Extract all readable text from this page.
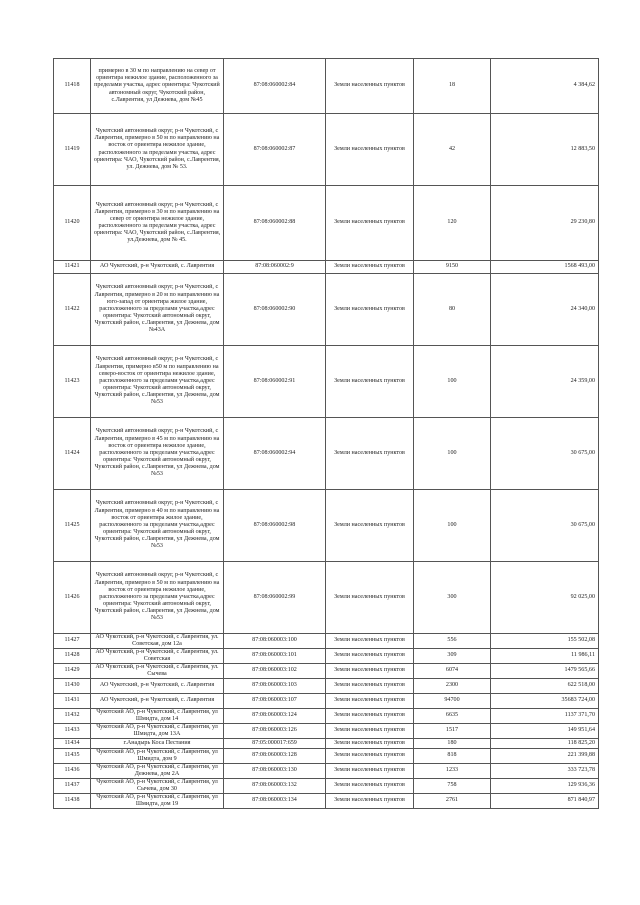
11418	примерно в 30 м по направлению на север от ориентира нежилое здание, расположенного за пределами участка, адрес ориентира: Чукотский автономный округ, Чукотский район, с.Лаврентия, ул Дежнева, дом №45	87:08:060002:84	Земли населенных пунктов	18	4 384,62

11419	Чукотский автономный округ, р-н Чукотский, с Лаврентия, примерно в 50 м по направлению на восток от ориентира нежилое здание, расположенного за пределами участка, адрес ориентира: ЧАО, Чукотский район, с.Лаврентия, ул. Дежнева, дом № 53.	87:08:060002:87	Земли населенных пунктов	42	12 883,50

11420	Чукотский автономный округ, р-н Чукотский, с Лаврентия, примерно в 30 м по направлению на север от ориентира нежилое здание, расположенного за пределами участка, адрес ориентира: ЧАО, Чукотский район, с.Лаврентия, ул.Дежнева, дом № 45.	87:08:060002:88	Земли населенных пунктов	120	29 230,80

11421	АО Чукотский, р-н Чукотский, с. Лаврентия	87:08:060002:9	Земли населенных пунктов	9150	1568 493,00

11422	Чукотский автономный округ, р-н Чукотский, с Лаврентия, примерно в 20 м по направлению на юго-запад от ориентира жилое здание, расположенного за пределами участка,адрес ориентира: Чукотский автономный округ, Чукотский район, с.Лаврентия, ул Дежнева, дом №43А	87:08:060002:90	Земли населенных пунктов	80	24 340,00

11423	Чукотский автономный округ, р-н Чукотский, с Лаврентия, примерно в50 м по направлению на северо-восток от ориентира нежилое здание, расположенного за пределами участка,адрес ориентира: Чукотский автономный округ, Чукотский район, с.Лаврентия, ул Дежнева, дом №53	87:08:060002:91	Земли населенных пунктов	100	24 359,00

11424	Чукотский автономный округ, р-н Чукотский, с Лаврентия, примерно в 45 м по направлению на восток от ориентира нежилое здание, расположенного за пределами участка,адрес ориентира: Чукотский автономный округ, Чукотский район, с.Лаврентия, ул Дежнева, дом №53	87:08:060002:94	Земли населенных пунктов	100	30 675,00

11425	Чукотский автономный округ, р-н Чукотский, с Лаврентия, примерно в 40 м по направлению на восток от ориентира жилое здание, расположенного за пределами участка,адрес ориентира: Чукотский автономный округ, Чукотский район, с.Лаврентия, ул Дежнева, дом №53	87:08:060002:98	Земли населенных пунктов	100	30 675,00

11426	Чукотский автономный округ, р-н Чукотский, с Лаврентия, примерно в 50 м по направлению на восток от ориентира нежилое здание, расположенного за пределами участка,адрес ориентира: Чукотский автономный округ, Чукотский район, с.Лаврентия, ул Дежнева, дом №53	87:08:060002:99	Земли населенных пунктов	300	92 025,00

11427	АО Чукотский, р-н Чукотский, с Лаврентия, ул. Советская, дом 12а	87:08:060003:100	Земли населенных пунктов	556	155 502,08

11428	АО Чукотский, р-н Чукотский, с Лаврентия, ул. Советская	87:08:060003:101	Земли населенных пунктов	309	11 986,11

11429	АО Чукотский, р-н Чукотский, с Лаврентия, ул. Сычева	87:08:060003:102	Земли населенных пунктов	6074	1479 565,66

11430	АО Чукотский, р-н Чукотский, с. Лаврентия	87:08:060003:103	Земли населенных пунктов	2300	622 518,00

11431	АО Чукотский, р-н Чукотский, с. Лаврентия	87:08:060003:107	Земли населенных пунктов	94700	35683 724,00

11432	Чукотский АО, р-н Чукотский, с Лаврентия, ул Шмидта, дом 14	87:08:060003:124	Земли населенных пунктов	6635	1137 371,70

11433	Чукотский АО, р-н Чукотский, с Лаврентия, ул Шмидта, дом 13А	87:08:060003:126	Земли населенных пунктов	1517	149 951,64

11434	г.Анадырь Коса Пестания	87:05:000017:659	Земли населенных пунктов	180	118 825,20

11435	Чукотский АО, р-н Чукотский, с Лаврентия, ул Шмидта, дом 9	87:08:060003:128	Земли населенных пунктов	818	221 399,88

11436	Чукотский АО, р-н Чукотский, с Лаврентия, ул Дежнева, дом 2А	87:08:060003:130	Земли населенных пунктов	1233	333 723,78

11437	Чукотский АО, р-н Чукотский, с Лаврентия, ул Сычева, дом 30	87:08:060003:132	Земли населенных пунктов	758	129 936,36

11438	Чукотский АО, р-н Чукотский, с Лаврентия, ул Шмидта, дом 19	87:08:060003:134	Земли населенных пунктов	2761	871 840,97
